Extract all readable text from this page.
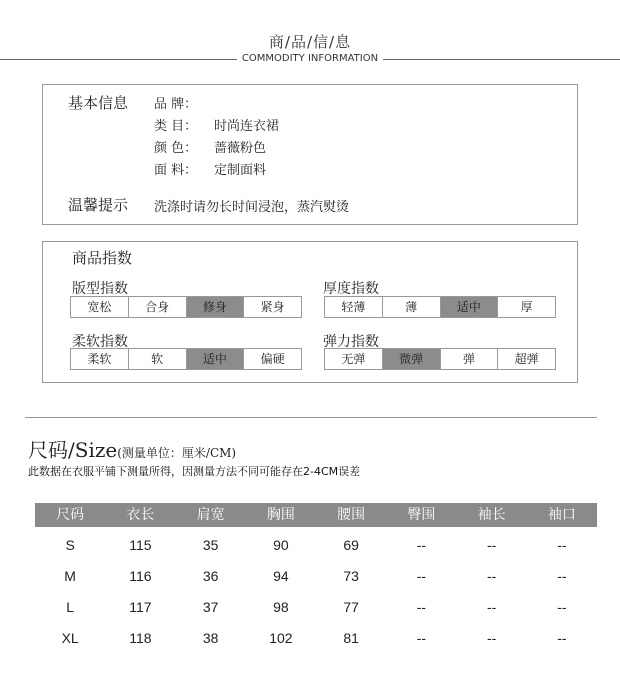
商/品/信/息
COMMODITY INFORMATION
基本信息 品 牌：
类 目： 时尚连衣裙
颜 色： 蔷薇粉色
面 料： 定制面料
温馨提示 洗涤时请勿长时间浸泡，蒸汽熨烫
商品指数
版型指数
宽松	合身	修身	紧身
厚度指数
轻薄	薄	适中	厚
柔软指数
柔软	软	适中	偏硬
弹力指数
无弹	微弹	弹	超弹
尺码/Size(测量单位：厘米/CM)
此数据在衣服平铺下测量所得，因测量方法不同可能存在2-4CM误差
尺码	衣长	肩宽	胸围	腰围	臀围	袖长	袖口
S	115	35	90	69	--	--	--
M	116	36	94	73	--	--	--
L	117	37	98	77	--	--	--
XL	118	38	102	81	--	--	--
